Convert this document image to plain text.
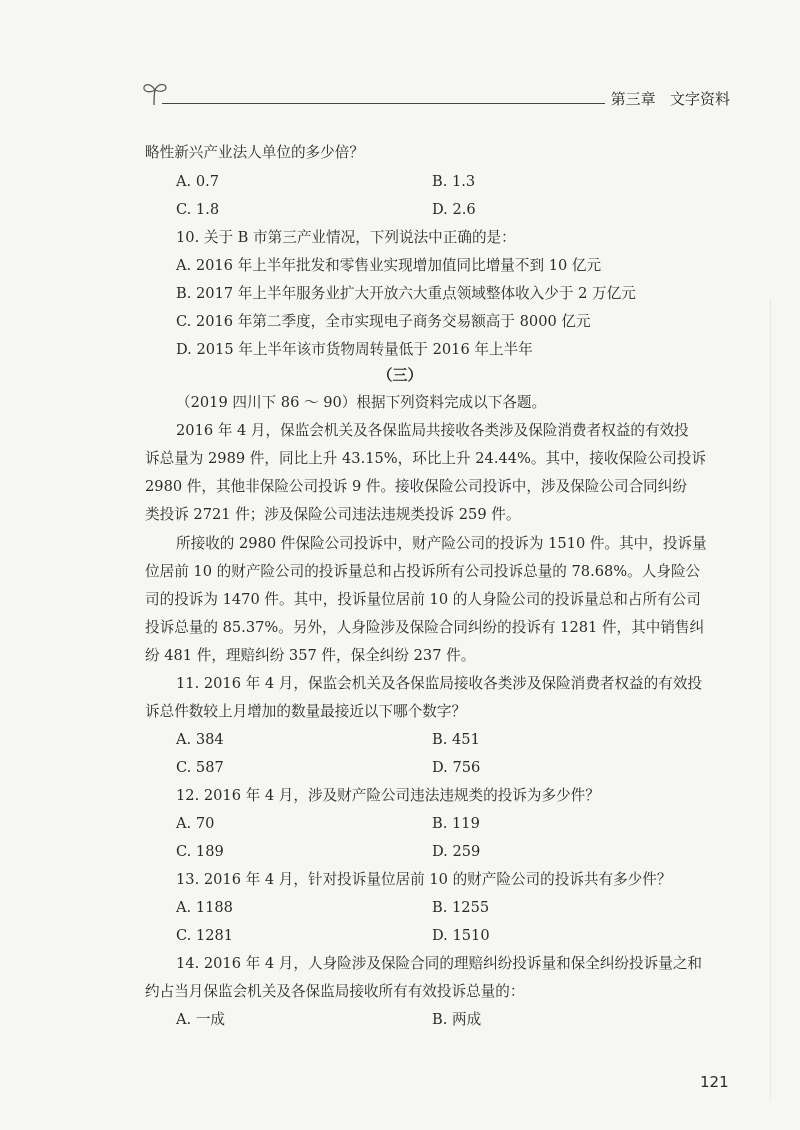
第三章 文字资料
略性新兴产业法人单位的多少倍？
A. 0.7	B. 1.3
C. 1.8	D. 2.6
10. 关于 B 市第三产业情况，下列说法中正确的是：
A. 2016 年上半年批发和零售业实现增加值同比增量不到 10 亿元
B. 2017 年上半年服务业扩大开放六大重点领域整体收入少于 2 万亿元
C. 2016 年第二季度，全市实现电子商务交易额高于 8000 亿元
D. 2015 年上半年该市货物周转量低于 2016 年上半年
（三）
（2019 四川下 86 ～ 90）根据下列资料完成以下各题。
2016 年 4 月，保监会机关及各保监局共接收各类涉及保险消费者权益的有效投
诉总量为 2989 件，同比上升 43.15%，环比上升 24.44%。其中，接收保险公司投诉
2980 件，其他非保险公司投诉 9 件。接收保险公司投诉中，涉及保险公司合同纠纷
类投诉 2721 件；涉及保险公司违法违规类投诉 259 件。
所接收的 2980 件保险公司投诉中，财产险公司的投诉为 1510 件。其中，投诉量
位居前 10 的财产险公司的投诉量总和占投诉所有公司投诉总量的 78.68%。人身险公
司的投诉为 1470 件。其中，投诉量位居前 10 的人身险公司的投诉量总和占所有公司
投诉总量的 85.37%。另外，人身险涉及保险合同纠纷的投诉有 1281 件，其中销售纠
纷 481 件，理赔纠纷 357 件，保全纠纷 237 件。
11. 2016 年 4 月，保监会机关及各保监局接收各类涉及保险消费者权益的有效投
诉总件数较上月增加的数量最接近以下哪个数字？
A. 384	B. 451
C. 587	D. 756
12. 2016 年 4 月，涉及财产险公司违法违规类的投诉为多少件？
A. 70	B. 119
C. 189	D. 259
13. 2016 年 4 月，针对投诉量位居前 10 的财产险公司的投诉共有多少件？
A. 1188	B. 1255
C. 1281	D. 1510
14. 2016 年 4 月，人身险涉及保险合同的理赔纠纷投诉量和保全纠纷投诉量之和
约占当月保监会机关及各保监局接收所有有效投诉总量的：
A. 一成	B. 两成
121
